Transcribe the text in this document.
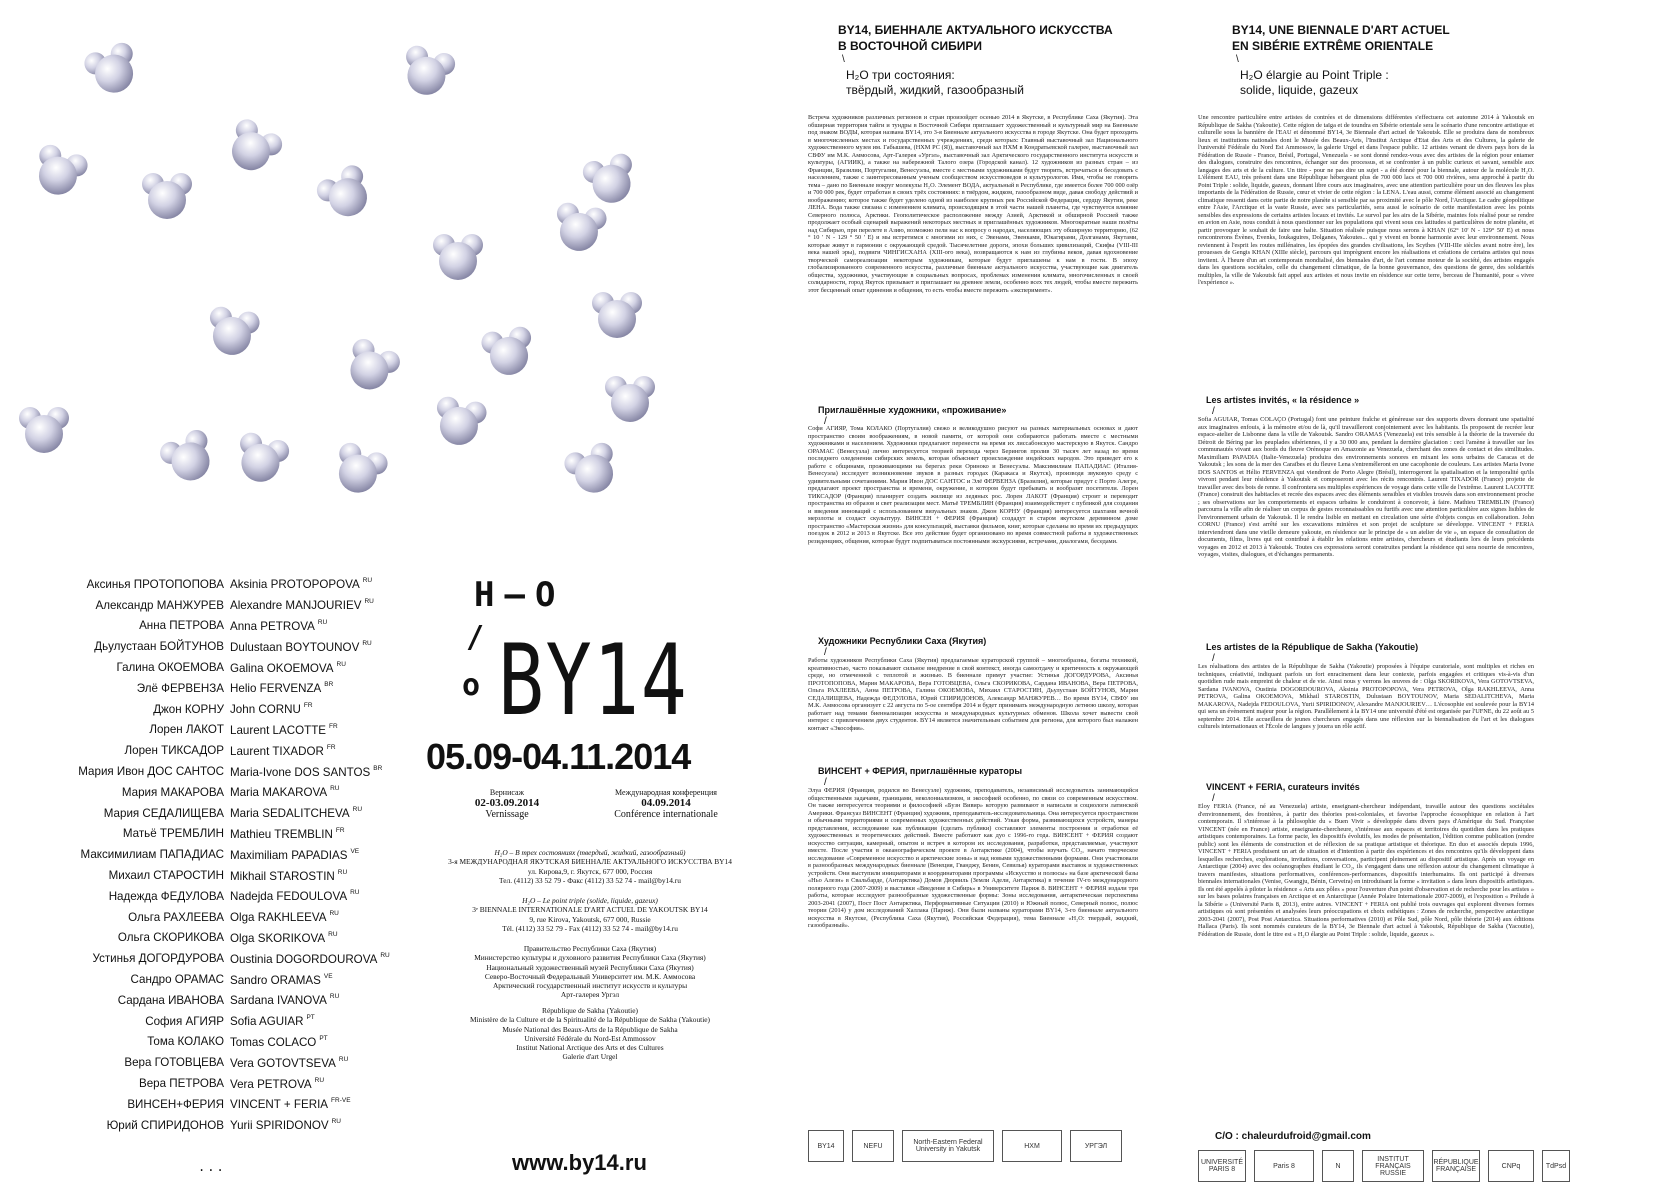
Аксинья ПРОТОПОПОВА Aksinia PROTOPOPOVA $^{RU}$
Александр МАНЖУРЕВ Alexandre MANJOURIEV $^{RU}$
Анна ПЕТРОВА Anna PETROVA $^{RU}$
Дьулустаан БОЙТУНОВ Dulustaan BOYTOUNOV $^{RU}$
Галина ОКОЕМОВА Galina OKOEMOVA $^{RU}$
Элё ФЕРВЕНЗА Helio FERVENZA $^{BR}$
Джон КОРНУ John CORNU $^{FR}$
Лорен ЛАКОТ Laurent LACOTTE $^{FR}$
Лорен ТИКСАДОР Laurent TIXADOR $^{FR}$
Мария Ивон ДОС САНТОС Maria-Ivone DOS SANTOS $^{BR}$
Мария МАКАРОВА Maria MAKAROVA $^{RU}$
Мария СЕДАЛИЩЕВА Maria SEDALITCHEVA $^{RU}$
Матьё ТРЕМБЛИН Mathieu TREMBLIN $^{FR}$
Максимилиам ПАПАДИАС Maximiliam PAPADIAS $^{VE}$
Михаил СТАРОСТИН Mikhail STAROSTIN $^{RU}$
Надежда ФЕДУЛОВА Nadejda FEDOULOVA $^{RU}$
Ольга РАХЛЕЕВА Olga RAKHLEEVA $^{RU}$
Ольга СКОРИКОВА Olga SKORIKOVA $^{RU}$
Устинья ДОГОРДУРОВА Oustinia DOGORDOUROVA $^{RU}$
Сандро ОРАМАС Sandro ORAMAS $^{VE}$
Сардана ИВАНОВА Sardana IVANOVA $^{RU}$
София АГИЯР Sofia AGUIAR $^{PT}$
Тома КОЛАКО Tomas COLACO $^{PT}$
Вера ГОТОВЦЕВА Vera GOTOVTSEVA $^{RU}$
Вера ПЕТРОВА Vera PETROVA $^{RU}$
ВИНСЕН+ФЕРИЯ VINCENT + FERIA $^{FR-VE}$
Юрий СПИРИДОНОВ Yurii SPIRIDONOV $^{RU}$
...
H–O
/
o BY14
05.09-04.11.2014
Вернисаж
02-03.09.2014
Vernissage
Международная конференция
04.09.2014
Conférence internationale
H₂O – В трех состояниях (твердый, жидкий, газообразный)
3-я МЕЖДУНАРОДНАЯ ЯКУТСКАЯ БИЕННАЛЕ АКТУАЛЬНОГО ИСКУССТВА BY14
ул. Кирова,9, г. Якутск, 677 000, Россия
Тел. (4112) 33 52 79 - Факс (4112) 33 52 74 - mail@by14.ru
H₂O – Le point triple (solide, liquide, gazeux)
3ᵉ BIENNALE INTERNATIONALE D'ART ACTUEL DE YAKOUTSK BY14
9, rue Kirova, Yakoutsk, 677 000, Russie
Tél. (4112) 33 52 79 - Fax (4112) 33 52 74 - mail@by14.ru
Правительство Республики Саха (Якутия)
Министерство культуры и духовного развития Республики Саха (Якутия)
Национальный художественный музей Республики Саха (Якутия)
Северо-Восточный Федеральный Университет им. М.К. Аммосова
Арктический государственный институт искусств и культуры
Арт-галерея Ургэл
République de Sakha (Yakoutie)
Ministère de la Culture et de la Spiritualité de la République de Sakha (Yakoutie)
Musée National des Beaux-Arts de la République de Sakha
Université Fédérale du Nord-Est Ammossov
Institut National Arctique des Arts et des Cultures
Galerie d'art Urgel
www.by14.ru
BY14, БИЕННАЛЕ АКТУАЛЬНОГО ИСКУССТВА
В ВОСТОЧНОЙ СИБИРИ
\
H₂O три состояния:
твёрдый, жидкий, газообразный
Встреча художников различных регионов и стран произойдет осенью 2014 в Якутске, в Республике Саха (Якутия). Эта обширная территория тайги и тундры в Восточной Сибири приглашает художественный и культурный мир на Биеннале под знаком ВОДЫ, которая названа BY14, это 3-я Биеннале актуального искусства в городе Якутске. Она будет проходить в многочисленных местах и государственных учреждениях, среди которых: Главный выставочный зал Национального художественного музея им. Габышева, (НХМ РС (Я)), выставочный зал НХМ в Кондратьевской галерее, выставочный зал СВФУ им М.К. Аммосова, Арт-Галерея «Ургэл», выставочный зал Арктического государственного института искусств и культуры, (АГИИК), а также на набережной Талого озера (Городской канал). 12 художников из разных стран – из Франции, Бразилии, Португалии, Венесуэлы, вместе с местными художниками будут творить, встречаться и беседовать с населением, также с заинтересованным ученым сообществом искусствоведов и культурологов. Имя, чтобы не говорить тема – дано по Биеннале вокруг молекулы H₂O. Элемент ВОДА, актуальный в Республике, где имеется более 700 000 озёр и 700 000 рек, будет отработан в своих трёх состояниях: в твёрдом, жидком, газообразном виде, давая свободу действий и воображению; которое также будет уделено одной из наиболее крупных рек Российской Федерации, сердцу Якутии, реке ЛЕНА. Вода также связана с изменением климата, происходящим в этой части нашей планеты, где чувствуется влияние Северного полюса, Арктики. Геополитическое расположение между Азией, Арктикой и обширной Россией также продолжает особый сценарий выражений некоторых местных и приглашённых художников. Многократные наши полёты над Сибирью, при перелете в Азию, возможно пели нас к вопросу о народах, населяющих эту обширную территорию, (62 ° 10 ' N - 129 ° 50 ' E) и мы встретимся с многими из них, с Эвенами, Эвенками, Юкагирами, Долганами, Якутами, которые живут в гармонии с окружающей средой. Тысячелетние дороги, эпохи больших цивилизаций, Скифы (VIII-III века нашей эры), подвиги ЧИНГИСХАНА (XIII-ого века), возвращаются к нам из глубины веков, давая вдохновение творческой самореализации некоторым художникам, которые будут приглашены к нам в гости. В эпоху глобализированного современного искусства, различные биеннале актуального искусства, участвующие как двигатель общества, художники, участвующие в социальных вопросах, проблемах изменения климата, многочисленных в своей солидарности, город Якутск призывает и приглашает на древнее земли, особенно всех тех людей, чтобы вместе пережить этот бесценный опыт единения и общения, то есть чтобы вместе пережить «эксперимент».
Приглашённые художники, «проживание»
/
Софи АГИЯР, Тома КОЛАКО (Португалия) свежо и великодушно рисуют на разных материальных основах и дают пространство своим воображениям, в новой памяти, от которой они собираются работать вместе с местными художниками и населением. Художники предлагают перенести на время их лиссабонскую мастерскую в Якутск. Сандро ОРАМАС (Венесуэла) лично интересуется теорией перехода через Берингов пролив 30 тысяч лет назад во время последнего оледенения сибирских земель, которая объясняет происхождение индейских народов. Это приведет его к работе с общинами, проживающими на берегах реки Ориноко и Венесуэлы. Максимилиам ПАПАДИАС (Италия-Венесуэла) исследует возникновение звуков в разных городах (Каракаса и Якутск), производя звуковую среду с удивительными сочетаниями. Мария Ивон ДОС САНТОС и Элё ФЕРВЕНЗА (Бразилия), которые придут с Порто Алегре, предлагают проект пространства и времени, окружение, в котором будут пребывать и вообразят посетители. Лорен ТИКСАДОР (Франция) планирует создать жилище из ледяных рос. Лорен ЛАКОТ (Франция) строит и переводит пространства из образов и свет реализации мест. Матьё ТРЕМБЛИН (Франция) взаимодействует с публикой для создания и введения инноваций с использованием визуальных знаков. Джон КОРНУ (Франция) интересуется шахтами вечной мерзлоты и создаст скульптуру. ВИНСЕН + ФЕРИЯ (Франция) создадут в старом якутском деревянном доме пространство «Мастерская жизни» для консультаций, выставки фильмов, книг, которые сделаны во время их предыдущих поездок в 2012 и 2013 в Якутске. Все это действие будет организовано во время совместной работы в художественных резиденциях, общения, которые будут подпитываться постоянными экскурсиями, встречами, диалогами, беседами.
Художники Республики Саха (Якутия)
/
Работы художников Республики Саха (Якутия) предлагаемые кураторской группой – многообразны, богаты техникой, креативностью, часто показывают сильное внедрение в свой контекст, иногда самоотдачу и критичность к окружающей среде, но отмеченной с теплотой и жизнью. В биеннале примут участие: Устинья ДОГОРДУРОВА, Аксинья ПРОТОПОПОВА, Мария МАКАРОВА, Вера ГОТОВЦЕВА, Ольга СКОРИКОВА, Сардана ИВАНОВА, Вера ПЕТРОВА, Ольга РАХЛЕЕВА, Анна ПЕТРОВА, Галина ОКОЕМОВА, Михаил СТАРОСТИН, Дьулустаан БОЙТУНОВ, Мария СЕДАЛИЩЕВА, Надежда ФЕДУЛОВА, Юрий СПИРИДОНОВ, Александр МАНЖУРЕВ… Во время BY14, СВФУ им М.К. Аммосова организует с 22 августа по 5-ое сентября 2014 и будет принимать международную летнюю школу, которая работает над темами биеннализации искусства и международных культурных обменов. Школа хочет вывести свой интерес с привлечением двух студентов. BY14 является значительным событием для региона, для которого был налажен контакт «Экософия».
ВИНСЕНТ + ФЕРИЯ, приглашённые кураторы
/
Элуа ФЕРИЯ (Франция, родился во Венесуэле) художник, преподаватель, независимый исследователь занимающийся общественными задачами, границами, неколониализмом, и экософией особенно, по связи со современным искусством. Он также интересуется теориями и философией «Бузн Вивир» которую развивают в написали и социологи латинской Америки. Франсуаз ВИНСЕНТ (Франция) художник, преподаватель-исследовательница. Она интересуется пространством и обычными территориями и современных художественных действий. Узкая форма, развивающихся устройств, манеры представления, исследование как публикация (сделать публики) составляют элементы построения и отработки её художественных и теоретических действий. Вместе работают как дуо с 1996-го года. ВИНСЕНТ + ФЕРИЯ создают искусство ситуации, камерный, опытом и встреч в котором их исследования, разработки, представляемые, участвуют вместе. После участия в океанографическом проекте в Антарктике (2004), чтобы изучать CO₂, начато творческое исследование «Современное искусство и арктические зоны» и над новыми художественными формами. Они участвовали в разнообразных международных биеннале (Венеция, Гванджу, Бенин, Севилья) кураторами выставок и художественных устройств. Они выступили инициаторами и координаторами программы «Искусство и полюсы» на базе арктической базы «Ньо Алезн» в Свальбарде, (Антарктика) Домов Дюрвиль (Земли Адели, Антарктика) в течение IV-го международного полярного года (2007-2009) и выставки «Введение в Сибирь» в Университете Париж 8. ВИНСЕНТ + ФЕРИЯ издали три работы, которые исследуют разнообразные художественные формы: Зоны исследования, антарктическая перспектива 2003-2041 (2007), Пост Пост Антарктика, Перформативные Ситуации (2010) и Южный полюс, Северный полюс, полюс теории (2014) у дом исследований Халлака (Париж). Они были названы кураторами BY14, 3-го биеннале актуального искусства в Якутске, (Республика Саха (Якутия), Российская Федерация), тема Биеннале «H₂O: твердый, жидкий, газообразный».
BY14	NEFU	North-Eastern Federal University in Yakutsk	НХМ	УРГЭЛ
BY14, UNE BIENNALE D'ART ACTUEL
EN SIBÉRIE EXTRÊME ORIENTALE
\
H₂O élargie au Point Triple :
solide, liquide, gazeux
Une rencontre particulière entre artistes de contrées et de dimensions différentes s'effectuera cet automne 2014 à Yakoutsk en République de Sakha (Yakoutie). Cette région de taïga et de toundra en Sibérie orientale sera le scénario d'une rencontre artistique et culturelle sous la bannière de l'EAU et dénommé BY14, 3e Biennale d'art actuel de Yakoutsk. Elle se produira dans de nombreux lieux et institutions nationales dont le Musée des Beaux-Arts, l'Institut Arctique d'Etat des Arts et des Cultures, la galerie de l'université Fédérale du Nord Est Ammossov, la galerie Urgel et dans l'espace public. 12 artistes venant de divers pays hors de la Fédération de Russie - France, Brésil, Portugal, Venezuela - se sont donné rendez-vous avec des artistes de la région pour entamer des dialogues, construire des rencontres, échanger sur des processus, et se confronter à un public curieux et savant, sensible aux langages des arts et de la culture. Un titre - pour ne pas dire un sujet - a été donné pour la biennale, autour de la molécule H₂O. L'élément EAU, très présent dans une République hébergeant plus de 700 000 lacs et 700 000 rivières, sera approché à partir du Point Triple : solide, liquide, gazeux, donnant libre cours aux imaginaires, avec une attention particulière pour un des fleuves les plus importants de la Fédération de Russie, cœur et vivier de cette région : la LENA. L'eau aussi, comme élément associé au changement climatique ressenti dans cette partie de notre planète si sensible par sa proximité avec le pôle Nord, l'Arctique. Le cadre géopolitique entre l'Asie, l'Arctique et la vaste Russie, avec ses particularités, sera aussi le scénario de cette manifestation avec les points sensibles des expressions de certains artistes locaux et invités. Le survol par les airs de la Sibérie, maintes fois réalisé pour se rendre en avion en Asie, nous conduit à nous questionner sur les populations qui vivent sous ces latitudes si particulières de notre planète, et partir provoquer le souhait de faire une halte. Situation réalisée puisque nous serons à KHAN (62° 10' N - 129° 50' E) et nous rencontrerons Évènes, Evenks, Ioukaguires, Dolganes, Yakoutes... qui y vivent en bonne harmonie avec leur environnement. Nous reviennent à l'esprit les routes millénaires, les épopées des grandes civilisations, les Scythes (VIII-IIIe siècles avant notre ère), les prouesses de Gengis KHAN (XIIIe siècle), parcours qui imprègnent encore les réalisations et créations de certains artistes qui nous invitent. À l'heure d'un art contemporain mondialisé, des biennales d'art, de l'art comme moteur de la société, des artistes engagés dans les questions sociétales, celle du changement climatique, de la bonne gouvernance, des questions de genre, des solidarités multiples, la ville de Yakoutsk fait appel aux artistes et nous invite en résidence sur cette terre, berceau de l'humanité, pour « vivre l'expérience ».
Les artistes invités, « la résidence »
/
Sofia AGUIAR, Tomas COLAÇO (Portugal) font une peinture fraîche et généreuse sur des supports divers donnant une spatialité aux imaginaires enfouis, à la mémoire et/ou de là, qu'il travailleront conjointement avec les habitants. Ils proposent de recréer leur espace-atelier de Lisbonne dans la ville de Yakoutsk. Sandro ORAMAS (Venezuela) est très sensible à la théorie de la traversée du Détroit de Béring par les peuplades sibériennes, il y a 30 000 ans, pendant la dernière glaciation : ceci l'amène à travailler sur les communautés vivant aux bords du fleuve Orénoque en Amazonie au Venezuela, cherchant des zones de contact et des similitudes. Maximiliam PAPADIA (Italie-Venezuela) produira des environnements sonores en mixant les sons urbains de Caracas et de Yakoutsk ; les sons de la mer des Caraïbes et du fleuve Lena s'entremêleront en une cacophonie de couleurs. Les artistes Maria Ivone DOS SANTOS et Hélio FERVENZA qui viendront de Porto Alegre (Brésil), interrogeront la spatialisation et la temporalité qu'ils vivront pendant leur résidence à Yakoutsk et composeront avec les récits rencontrés. Laurent TIXADOR (France) projette de travailler avec des bois de renne. Il confrontera ses multiples expériences de voyage dans cette ville de l'extrême. Laurent LACOTTE (France) construit des habitacles et recrée des espaces avec des éléments sensibles et visibles trouvés dans son environnement proche ; ses observations sur les comportements et espaces urbains le conduiront à concevoir, à faire. Mathieu TREMBLIN (France) parcourra la ville afin de réaliser un corpus de gestes reconnaissables ou furtifs avec une attention particulière aux signes lisibles de l'environnement urbain de Yakoutsk. Il le rendra lisible en mettant en circulation une série d'objets conçus en collaboration. John CORNU (France) s'est arrêté sur les excavations minières et son projet de sculpture se développe. VINCENT + FERIA interviendront dans une vieille demeure yakoute, en résidence sur le principe de « un atelier de vie », un espace de consultation de documents, films, livres qui ont contribué à établir les relations entre artistes, chercheurs et étudiants lors de leurs précédents voyages en 2012 et 2013 à Yakoutsk. Toutes ces expressions seront construites pendant la résidence qui sera nourrie de rencontres, voyages, visites, dialogues, et d'échanges permanents.
Les artistes de la République de Sakha (Yakoutie)
/
Les réalisations des artistes de la République de Sakha (Yakoutie) proposées à l'équipe curatoriale, sont multiples et riches en techniques, créativité, indiquant parfois un fort enracinement dans leur contexte, parfois engagées et critiques vis-à-vis d'un quotidien rude mais empreint de chaleur et de vie. Ainsi nous y verrons les œuvres de : Olga SKORIKOVA, Vera GOTOVTSEVA, Sardana IVANOVA, Oustinia DOGORDOUROVA, Aksinia PROTOPOPOVA, Vera PETROVA, Olga RAKHLEEVA, Anna PETROVA, Galina OKOEMOVA, Mikhail STAROSTIN, Dulustaan BOYTOUNOV, Maria SEDALITCHEVA, Maria MAKAROVA, Nadejda FEDOULOVA, Yurii SPIRIDONOV, Alexandre MANJOURIEV… L'écosophie est soulevée pour la BY14 qui sera un évènement majeur pour la région. Parallèlement à la BY14 une université d'été est organisée par l'UFNE, du 22 août au 5 septembre 2014. Elle accueillera de jeunes chercheurs engagés dans une réflexion sur la biennalisation de l'art et les dialogues culturels internationaux et l'École de langues y jouera un rôle actif.
VINCENT + FERIA, curateurs invités
/
Eloy FERIA (France, né au Venezuela) artiste, enseignant-chercheur indépendant, travaille autour des questions sociétales d'environnement, des frontières, à partir des théories post-coloniales, et favorise l'approche écosophique en relation à l'art contemporain. Il s'intéresse à la philosophie du « Buen Vivir » développée dans divers pays d'Amérique du Sud. Françoise VINCENT (née en France) artiste, enseignante-chercheure, s'intéresse aux espaces et territoires du quotidien dans les pratiques artistiques contemporaines. La forme pacte, les dispositifs évolutifs, les modes de présentation, l'édition comme publication (rendre public) sont les éléments de construction et de réflexion de sa pratique artistique et théorique. En duo et associés depuis 1996, VINCENT + FERIA produisent un art de situation et d'intention à partir des expériences et des rencontres qu'ils développent dans lesquelles recherches, explorations, invitations, conversations, participent pleinement au dispositif artistique. Après un voyage en Antarctique (2004) avec des océanographes étudiant le CO₂, ils s'engagent dans une réflexion autour du changement climatique à travers manifestes, situations performatives, conférences-performances, dispositifs interhumains. Ils ont participé à diverses biennales internationales (Venise, Gwangju, Bénin, Cerveira) en introduisant la forme « invitation » dans leurs dispositifs artistiques. Ils ont été appelés à piloter la résidence « Arts aux pôles » pour l'ouverture d'un point d'observation et de recherche pour les artistes » sur les bases polaires françaises en Arctique et en Antarctique (Année Polaire Internationale 2007-2009), et l'exposition « Prélude à la Sibérie » (Université Paris 8, 2013), entre autres. VINCENT + FERIA ont publié trois ouvrages qui explorent diverses formes artistiques où sont présentées et analysées leurs préoccupations et choix esthétiques : Zones de recherche, perspective antarctique 2003-2041 (2007), Post Post Antarctica. Situations performatives (2010) et Pôle Sud, pôle Nord, pôle théorie (2014) aux éditions Hallaca (Paris). Ils sont nommés curateurs de la BY14, 3e Biennale d'art actuel à Yakoutsk, République de Sakha (Yacoutie), Fédération de Russie, dont le titre est « H₂O élargie au Point Triple : solide, liquide, gazeux ».
C/O : chaleurdufroid@gmail.com
UNIVERSITÉ PARIS 8	Paris 8	N
INSTITUT FRANÇAIS RUSSIE
RÉPUBLIQUE FRANÇAISE	CNPq	TdPsd
